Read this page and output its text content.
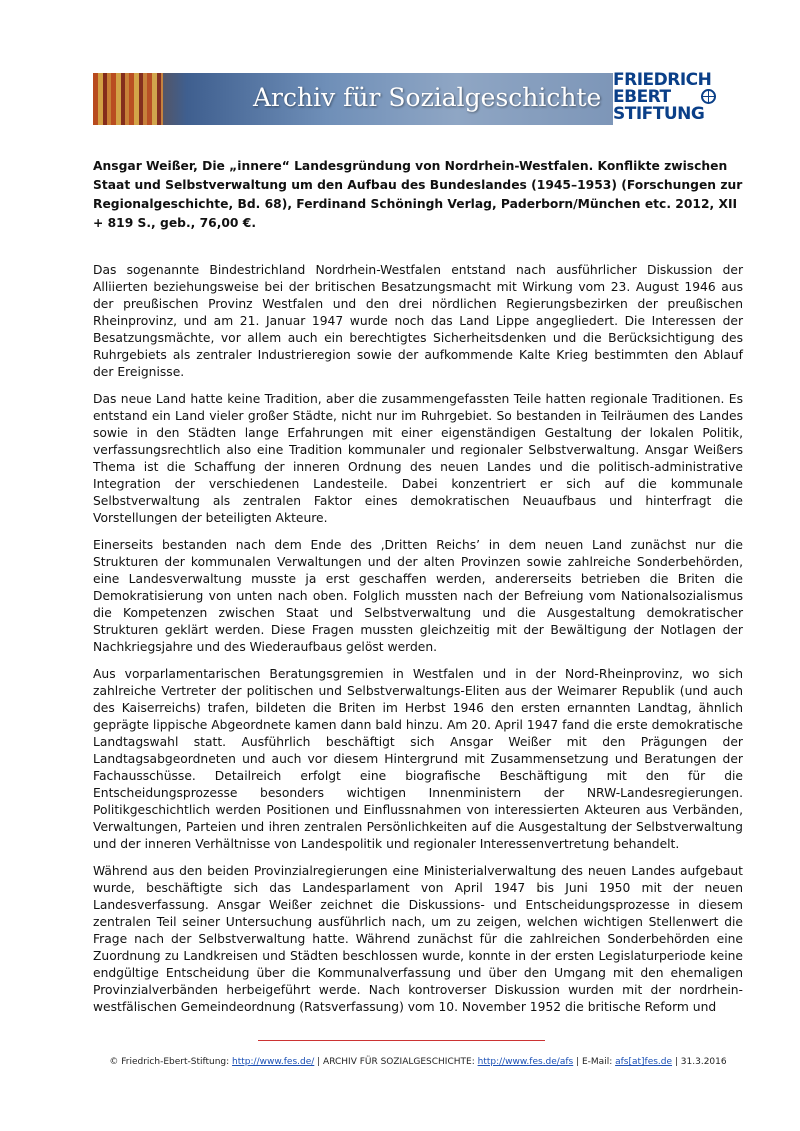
Archiv für Sozialgeschichte
FRIEDRICH
EBERT
STIFTUNG
Ansgar Weißer, Die „innere“ Landesgründung von Nordrhein-Westfalen. Konflikte zwischen Staat und Selbstverwaltung um den Aufbau des Bundeslandes (1945–1953) (Forschungen zur Regionalgeschichte, Bd. 68), Ferdinand Schöningh Verlag, Paderborn/München etc. 2012, XII + 819 S., geb., 76,00 €.

Das sogenannte Bindestrichland Nordrhein-Westfalen entstand nach ausführlicher Diskussion der Alliierten beziehungsweise bei der britischen Besatzungsmacht mit Wirkung vom 23. August 1946 aus der preußischen Provinz Westfalen und den drei nördlichen Regierungsbezirken der preußischen Rheinprovinz, und am 21. Januar 1947 wurde noch das Land Lippe angegliedert. Die Interessen der Besatzungsmächte, vor allem auch ein berechtigtes Sicherheitsdenken und die Berücksichtigung des Ruhrgebiets als zentraler Industrieregion sowie der aufkommende Kalte Krieg bestimmten den Ablauf der Ereignisse.

Das neue Land hatte keine Tradition, aber die zusammengefassten Teile hatten regionale Traditionen. Es entstand ein Land vieler großer Städte, nicht nur im Ruhrgebiet. So bestanden in Teilräumen des Landes sowie in den Städten lange Erfahrungen mit einer eigenständigen Gestaltung der lokalen Politik, verfassungsrechtlich also eine Tradition kommunaler und regionaler Selbstverwaltung. Ansgar Weißers Thema ist die Schaffung der inneren Ordnung des neuen Landes und die politisch-administrative Integration der verschiedenen Landesteile. Dabei konzentriert er sich auf die kommunale Selbstverwaltung als zentralen Faktor eines demokratischen Neuaufbaus und hinterfragt die Vorstellungen der beteiligten Akteure.

Einerseits bestanden nach dem Ende des ‚Dritten Reichs’ in dem neuen Land zunächst nur die Strukturen der kommunalen Verwaltungen und der alten Provinzen sowie zahlreiche Sonderbehörden, eine Landesverwaltung musste ja erst geschaffen werden, andererseits betrieben die Briten die Demokratisierung von unten nach oben. Folglich mussten nach der Befreiung vom Nationalsozialismus die Kompetenzen zwischen Staat und Selbstverwaltung und die Ausgestaltung demokratischer Strukturen geklärt werden. Diese Fragen mussten gleichzeitig mit der Bewältigung der Notlagen der Nachkriegsjahre und des Wiederaufbaus gelöst werden.

Aus vorparlamentarischen Beratungsgremien in Westfalen und in der Nord-Rheinprovinz, wo sich zahlreiche Vertreter der politischen und Selbstverwaltungs-Eliten aus der Weimarer Republik (und auch des Kaiserreichs) trafen, bildeten die Briten im Herbst 1946 den ersten ernannten Landtag, ähnlich geprägte lippische Abgeordnete kamen dann bald hinzu. Am 20. April 1947 fand die erste demokratische Landtagswahl statt. Ausführlich beschäftigt sich Ansgar Weißer mit den Prägungen der Landtagsabgeordneten und auch vor diesem Hintergrund mit Zusammensetzung und Beratungen der Fachausschüsse. Detailreich erfolgt eine biografische Beschäftigung mit den für die Entscheidungsprozesse besonders wichtigen Innenministern der NRW-Landesregierungen. Politikgeschichtlich werden Positionen und Einflussnahmen von interessierten Akteuren aus Verbänden, Verwaltungen, Parteien und ihren zentralen Persönlichkeiten auf die Ausgestaltung der Selbstverwaltung und der inneren Verhältnisse von Landespolitik und regionaler Interessenvertretung behandelt.

Während aus den beiden Provinzialregierungen eine Ministerialverwaltung des neuen Landes aufgebaut wurde, beschäftigte sich das Landesparlament von April 1947 bis Juni 1950 mit der neuen Landesverfassung. Ansgar Weißer zeichnet die Diskussions- und Entscheidungsprozesse in diesem zentralen Teil seiner Untersuchung ausführlich nach, um zu zeigen, welchen wichtigen Stellenwert die Frage nach der Selbstverwaltung hatte. Während zunächst für die zahlreichen Sonderbehörden eine Zuordnung zu Landkreisen und Städten beschlossen wurde, konnte in der ersten Legislaturperiode keine endgültige Entscheidung über die Kommunalverfassung und über den Umgang mit den ehemaligen Provinzialverbänden herbeigeführt werde. Nach kontroverser Diskussion wurden mit der nordrhein-westfälischen Gemeindeordnung (Ratsverfassung) vom 10. November 1952 die britische Reform und

© Friedrich-Ebert-Stiftung: http://www.fes.de/ | ARCHIV FÜR SOZIALGESCHICHTE: http://www.fes.de/afs | E-Mail: afs[at]fes.de | 31.3.2016
